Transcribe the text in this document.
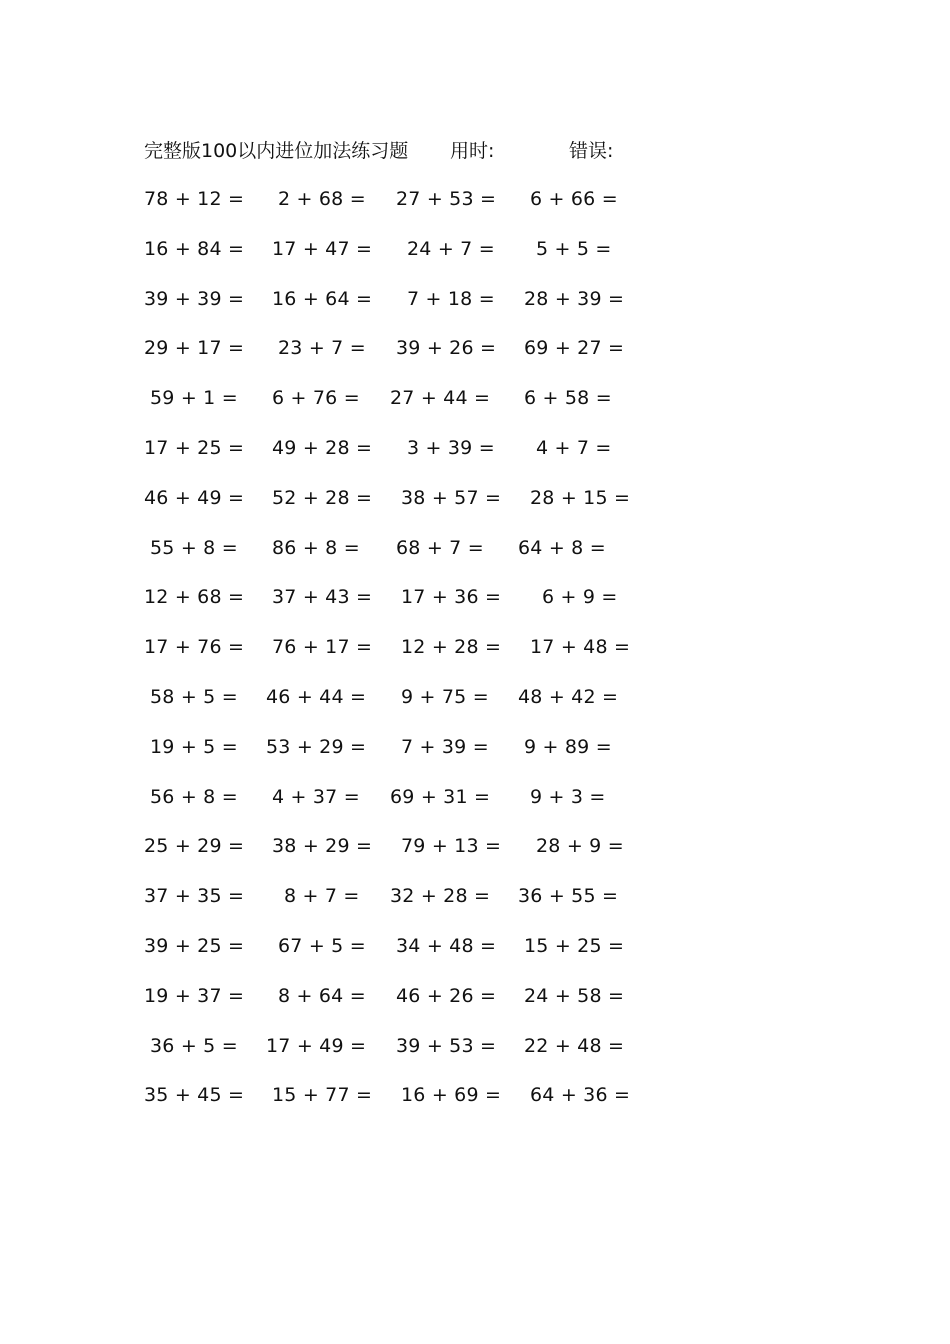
完整版100以内进位加法练习题 用时:	错误:
78 + 12 = 2 + 68 = 27 + 53 = 6 + 66 =
16 + 84 = 17 + 47 = 24 + 7 = 5 + 5 =
39 + 39 = 16 + 64 = 7 + 18 = 28 + 39 =
29 + 17 = 23 + 7 = 39 + 26 = 69 + 27 =
59 + 1 = 6 + 76 = 27 + 44 = 6 + 58 =
17 + 25 = 49 + 28 = 3 + 39 = 4 + 7 =
46 + 49 = 52 + 28 = 38 + 57 = 28 + 15 =
55 + 8 = 86 + 8 = 68 + 7 = 64 + 8 =
12 + 68 = 37 + 43 = 17 + 36 = 6 + 9 =
17 + 76 = 76 + 17 = 12 + 28 = 17 + 48 =
58 + 5 = 46 + 44 = 9 + 75 = 48 + 42 =
19 + 5 = 53 + 29 = 7 + 39 = 9 + 89 =
56 + 8 = 4 + 37 = 69 + 31 = 9 + 3 =
25 + 29 = 38 + 29 = 79 + 13 = 28 + 9 =
37 + 35 = 8 + 7 = 32 + 28 = 36 + 55 =
39 + 25 = 67 + 5 = 34 + 48 = 15 + 25 =
19 + 37 = 8 + 64 = 46 + 26 = 24 + 58 =
36 + 5 = 17 + 49 = 39 + 53 = 22 + 48 =
35 + 45 = 15 + 77 = 16 + 69 = 64 + 36 =
